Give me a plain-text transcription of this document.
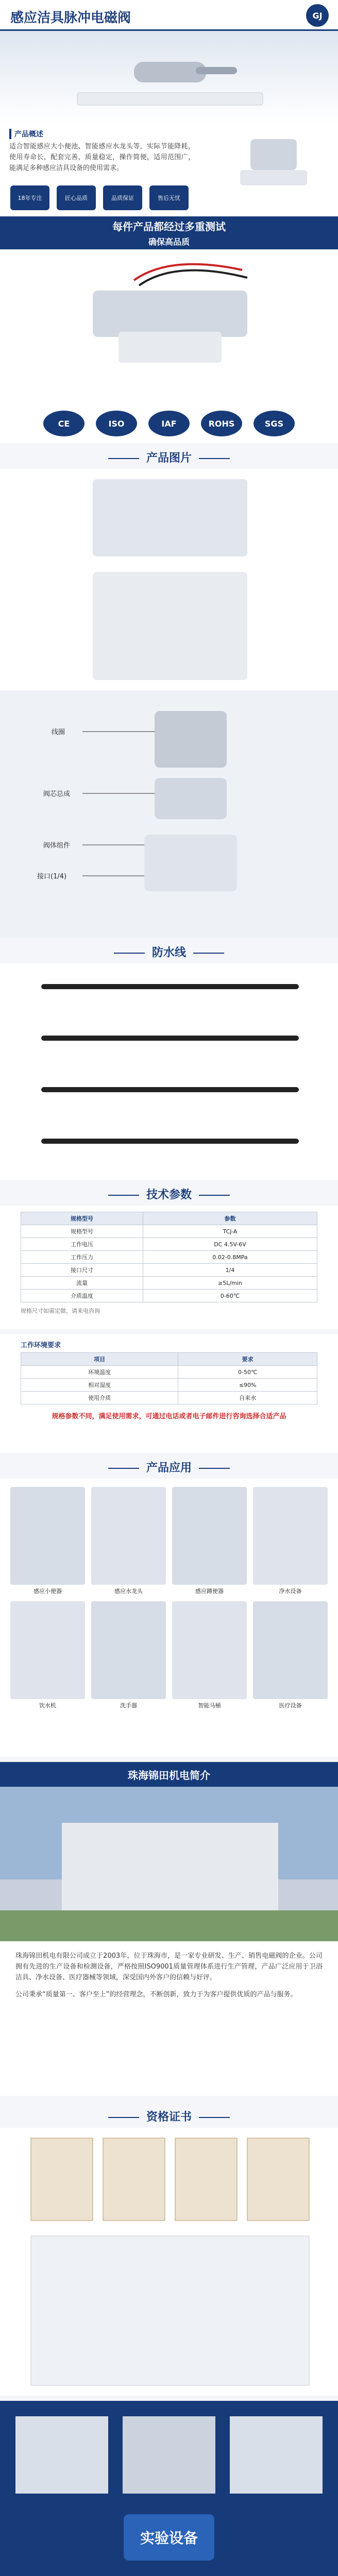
感应洁具脉冲电磁阀	GJ
产品概述
适合智能感应大小便池、智能感应水龙头等，实际节能降耗，使用寿命长，配套完善，质量稳定，操作简便，适用范围广，能满足多种感应洁具设备的使用需求。
18年专注	匠心品质	品质保证	售后无忧
每件产品都经过多重测试
确保高品质
CE	ISO	IAF	ROHS	SGS
产品图片
线圈
阀芯总成
阀体组件
接口(1/4)
防水线
技术参数
规格型号	参数
规格型号	TCJ-A
工作电压	DC 4.5V-6V
工作压力	0.02-0.8MPa
接口尺寸	1/4
流量	≥5L/min
介质温度	0-60℃
规格尺寸如需定做，请来电咨询
工作环境要求
项目	要求
环境温度	0-50℃
相对湿度	≤90%
使用介质	自来水
规格参数不同，满足使用需求，可通过电话或者电子邮件进行咨询选择合适产品
产品应用
感应小便器	感应水龙头	感应蹲便器	净水设备
饮水机	洗手器	智能马桶	医疗设备
珠海锦田机电简介
珠海锦田机电有限公司成立于2003年，位于珠海市，是一家专业研发、生产、销售电磁阀的企业。公司拥有先进的生产设备和检测设备，严格按照ISO9001质量管理体系进行生产管理，产品广泛应用于卫浴洁具、净水设备、医疗器械等领域，深受国内外客户的信赖与好评。
公司秉承“质量第一、客户至上”的经营理念，不断创新，致力于为客户提供优质的产品与服务。
资格证书
实验设备
